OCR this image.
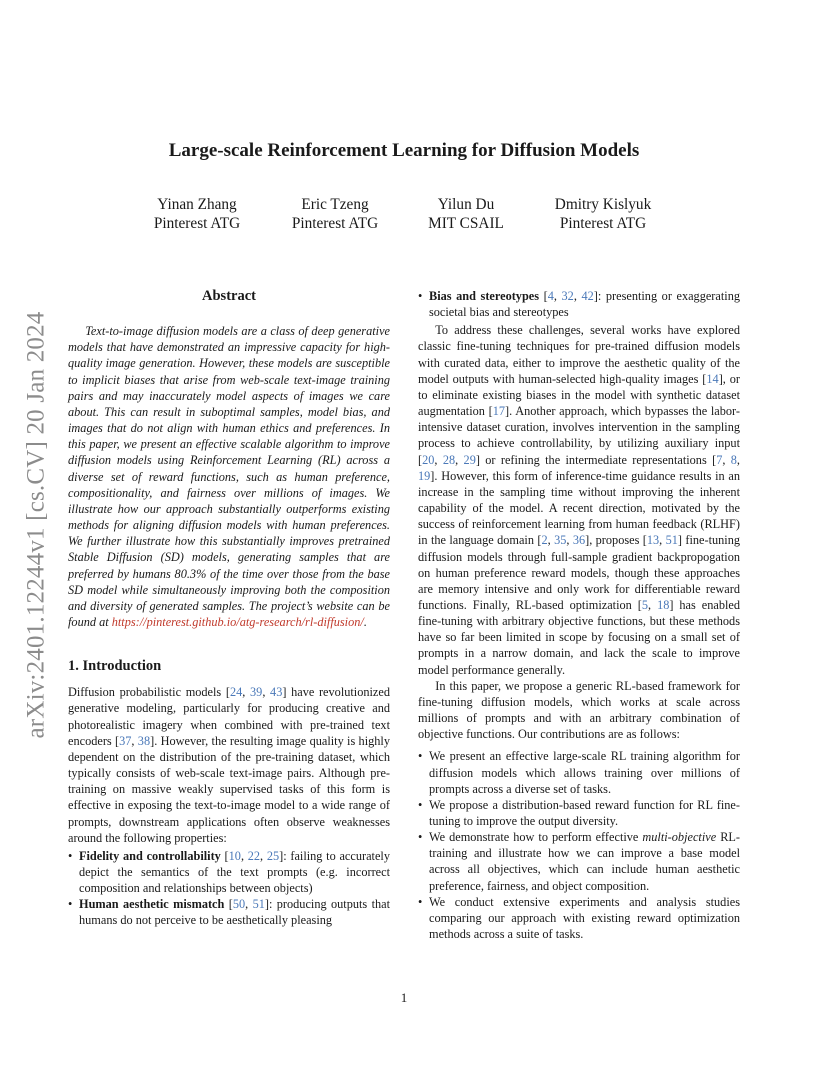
arXiv:2401.12244v1 [cs.CV] 20 Jan 2024
Large-scale Reinforcement Learning for Diffusion Models
Yinan Zhang
Pinterest ATG
Eric Tzeng
Pinterest ATG
Yilun Du
MIT CSAIL
Dmitry Kislyuk
Pinterest ATG
Abstract

Text-to-image diffusion models are a class of deep generative models that have demonstrated an impressive capacity for high-quality image generation. However, these models are susceptible to implicit biases that arise from web-scale text-image training pairs and may inaccurately model aspects of images we care about. This can result in suboptimal samples, model bias, and images that do not align with human ethics and preferences. In this paper, we present an effective scalable algorithm to improve diffusion models using Reinforcement Learning (RL) across a diverse set of reward functions, such as human preference, compositionality, and fairness over millions of images. We illustrate how our approach substantially outperforms existing methods for aligning diffusion models with human preferences. We further illustrate how this substantially improves pretrained Stable Diffusion (SD) models, generating samples that are preferred by humans 80.3% of the time over those from the base SD model while simultaneously improving both the composition and diversity of generated samples. The project’s website can be found at https://pinterest.github.io/atg-research/rl-diffusion/.

1. Introduction

Diffusion probabilistic models [24, 39, 43] have revolutionized generative modeling, particularly for producing creative and photorealistic imagery when combined with pre-trained text encoders [37, 38]. However, the resulting image quality is highly dependent on the distribution of the pre-training dataset, which typically consists of web-scale text-image pairs. Although pre-training on massive weakly supervised tasks of this form is effective in exposing the text-to-image model to a wide range of prompts, downstream applications often observe weaknesses around the following properties:

• Fidelity and controllability [10, 22, 25]: failing to accurately depict the semantics of the text prompts (e.g. incorrect composition and relationships between objects)
• Human aesthetic mismatch [50, 51]: producing outputs that humans do not perceive to be aesthetically pleasing
• Bias and stereotypes [4, 32, 42]: presenting or exaggerating societal bias and stereotypes

To address these challenges, several works have explored classic fine-tuning techniques for pre-trained diffusion models with curated data, either to improve the aesthetic quality of the model outputs with human-selected high-quality images [14], or to eliminate existing biases in the model with synthetic dataset augmentation [17]. Another approach, which bypasses the labor-intensive dataset curation, involves intervention in the sampling process to achieve controllability, by utilizing auxiliary input [20, 28, 29] or refining the intermediate representations [7, 8, 19]. However, this form of inference-time guidance results in an increase in the sampling time without improving the inherent capability of the model. A recent direction, motivated by the success of reinforcement learning from human feedback (RLHF) in the language domain [2, 35, 36], proposes [13, 51] fine-tuning diffusion models through full-sample gradient backpropogation on human preference reward models, though these approaches are memory intensive and only work for differentiable reward functions. Finally, RL-based optimization [5, 18] has enabled fine-tuning with arbitrary objective functions, but these methods have so far been limited in scope by focusing on a small set of prompts in a narrow domain, and lack the scale to improve model performance generally.

In this paper, we propose a generic RL-based framework for fine-tuning diffusion models, which works at scale across millions of prompts and with an arbitrary combination of objective functions. Our contributions are as follows:

• We present an effective large-scale RL training algorithm for diffusion models which allows training over millions of prompts across a diverse set of tasks.
• We propose a distribution-based reward function for RL fine-tuning to improve the output diversity.
• We demonstrate how to perform effective multi-objective RL-training and illustrate how we can improve a base model across all objectives, which can include human aesthetic preference, fairness, and object composition.
• We conduct extensive experiments and analysis studies comparing our approach with existing reward optimization methods across a suite of tasks.
1
